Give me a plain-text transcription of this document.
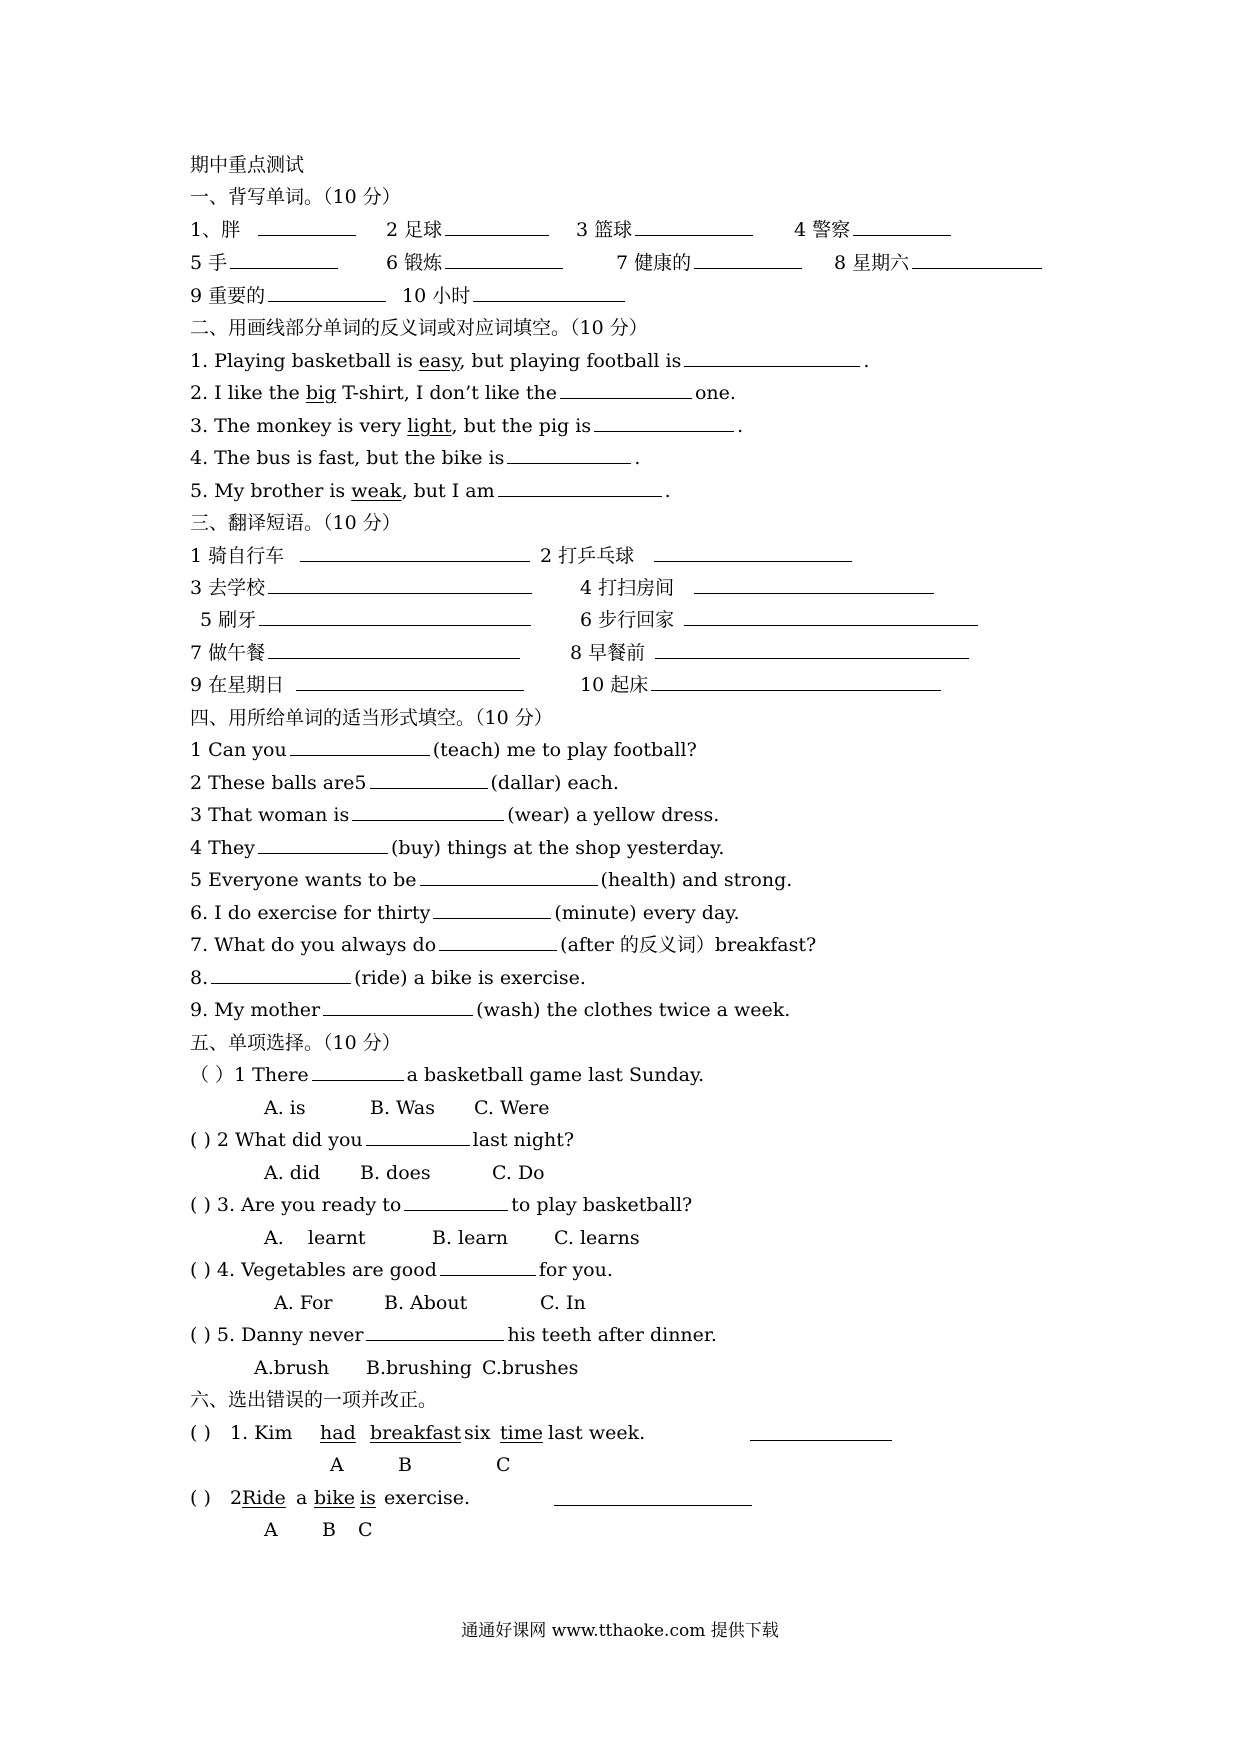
期中重点测试
一、背写单词。（10 分）
1、胖	2 足球	3 篮球	4 警察
5 手	6 锻炼	7 健康的	8 星期六
9 重要的	10 小时
二、用画线部分单词的反义词或对应词填空。（10 分）
1. Playing basketball is easy, but playing football is	.
2. I like the big T-shirt, I don’t like the	one.
3. The monkey is very light, but the pig is	.
4. The bus is fast, but the bike is	.
5. My brother is weak, but I am	.
三、翻译短语。（10 分）
1 骑自行车	2 打乒乓球
3 去学校	4 打扫房间
5 刷牙	6 步行回家
7 做午餐	8 早餐前
9 在星期日	10 起床
四、用所给单词的适当形式填空。（10 分）
1 Can you	(teach) me to play football?
2 These balls are5	(dallar) each.
3 That woman is	(wear) a yellow dress.
4 They	(buy) things at the shop yesterday.
5 Everyone wants to be	(health) and strong.
6. I do exercise for thirty	(minute) every day.
7. What do you always do	(after 的反义词）breakfast?
8.	(ride) a bike is exercise.
9. My mother	(wash) the clothes twice a week.
五、单项选择。（10 分）
（ ）1 There	a basketball game last Sunday.
A. is	B. Was C. Were
( ) 2 What did you	last night?
A. did B. does	C. Do
( ) 3. Are you ready to	to play basketball?
A.    learnt	B. learn C. learns
( ) 4. Vegetables are good	for you.
A. For	B. About	C. In
( ) 5. Danny never	his teeth after dinner.
A.brush B.brushing C.brushes
六、选出错误的一项并改正。
( ) 1. Kim had breakfast six time last week.
A	B	C
( ) 2 Ride a bike is exercise.
A B C
通通好课网 www.tthaoke.com 提供下载
